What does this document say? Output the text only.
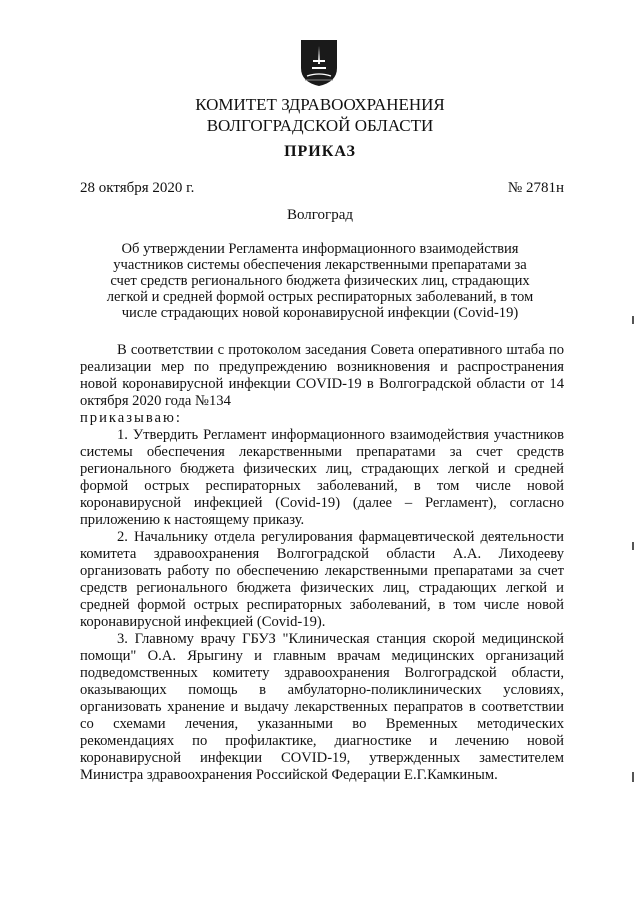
КОМИТЕТ ЗДРАВООХРАНЕНИЯ
ВОЛГОГРАДСКОЙ ОБЛАСТИ
ПРИКАЗ
28 октября 2020 г.	№ 2781н
Волгоград
Об утверждении Регламента информационного взаимодействия участников системы обеспечения лекарственными препаратами за счет средств регионального бюджета физических лиц, страдающих легкой и средней формой острых респираторных заболеваний, в том числе страдающих новой коронавирусной инфекции (Covid-19)

В соответствии с протоколом заседания Совета оперативного штаба по реализации мер по предупреждению возникновения и распространения новой коронавирусной инфекции COVID-19 в Волгоградской области от 14 октября 2020 года №134

приказываю:

1. Утвердить Регламент информационного взаимодействия участников системы обеспечения лекарственными препаратами за счет средств регионального бюджета физических лиц, страдающих легкой и средней формой острых респираторных заболеваний, в том числе новой коронавирусной инфекцией (Covid-19) (далее – Регламент), согласно приложению к настоящему приказу.

2. Начальнику отдела регулирования фармацевтической деятельности комитета здравоохранения Волгоградской области А.А. Лиходееву организовать работу по обеспечению лекарственными препаратами за счет средств регионального бюджета физических лиц, страдающих легкой и средней формой острых респираторных заболеваний, в том числе новой коронавирусной инфекцией (Covid-19).

3. Главному врачу ГБУЗ "Клиническая станция скорой медицинской помощи" О.А. Ярыгину и главным врачам медицинских организаций подведомственных комитету здравоохранения Волгоградской области, оказывающих помощь в амбулаторно-поликлинических условиях, организовать хранение и выдачу лекарственных перапратов в соответствии со схемами лечения, указанными во Временных методических рекомендациях по профилактике, диагностике и лечению новой коронавирусной инфекции COVID-19, утвержденных заместителем Министра здравоохранения Российской Федерации Е.Г.Камкиным.
